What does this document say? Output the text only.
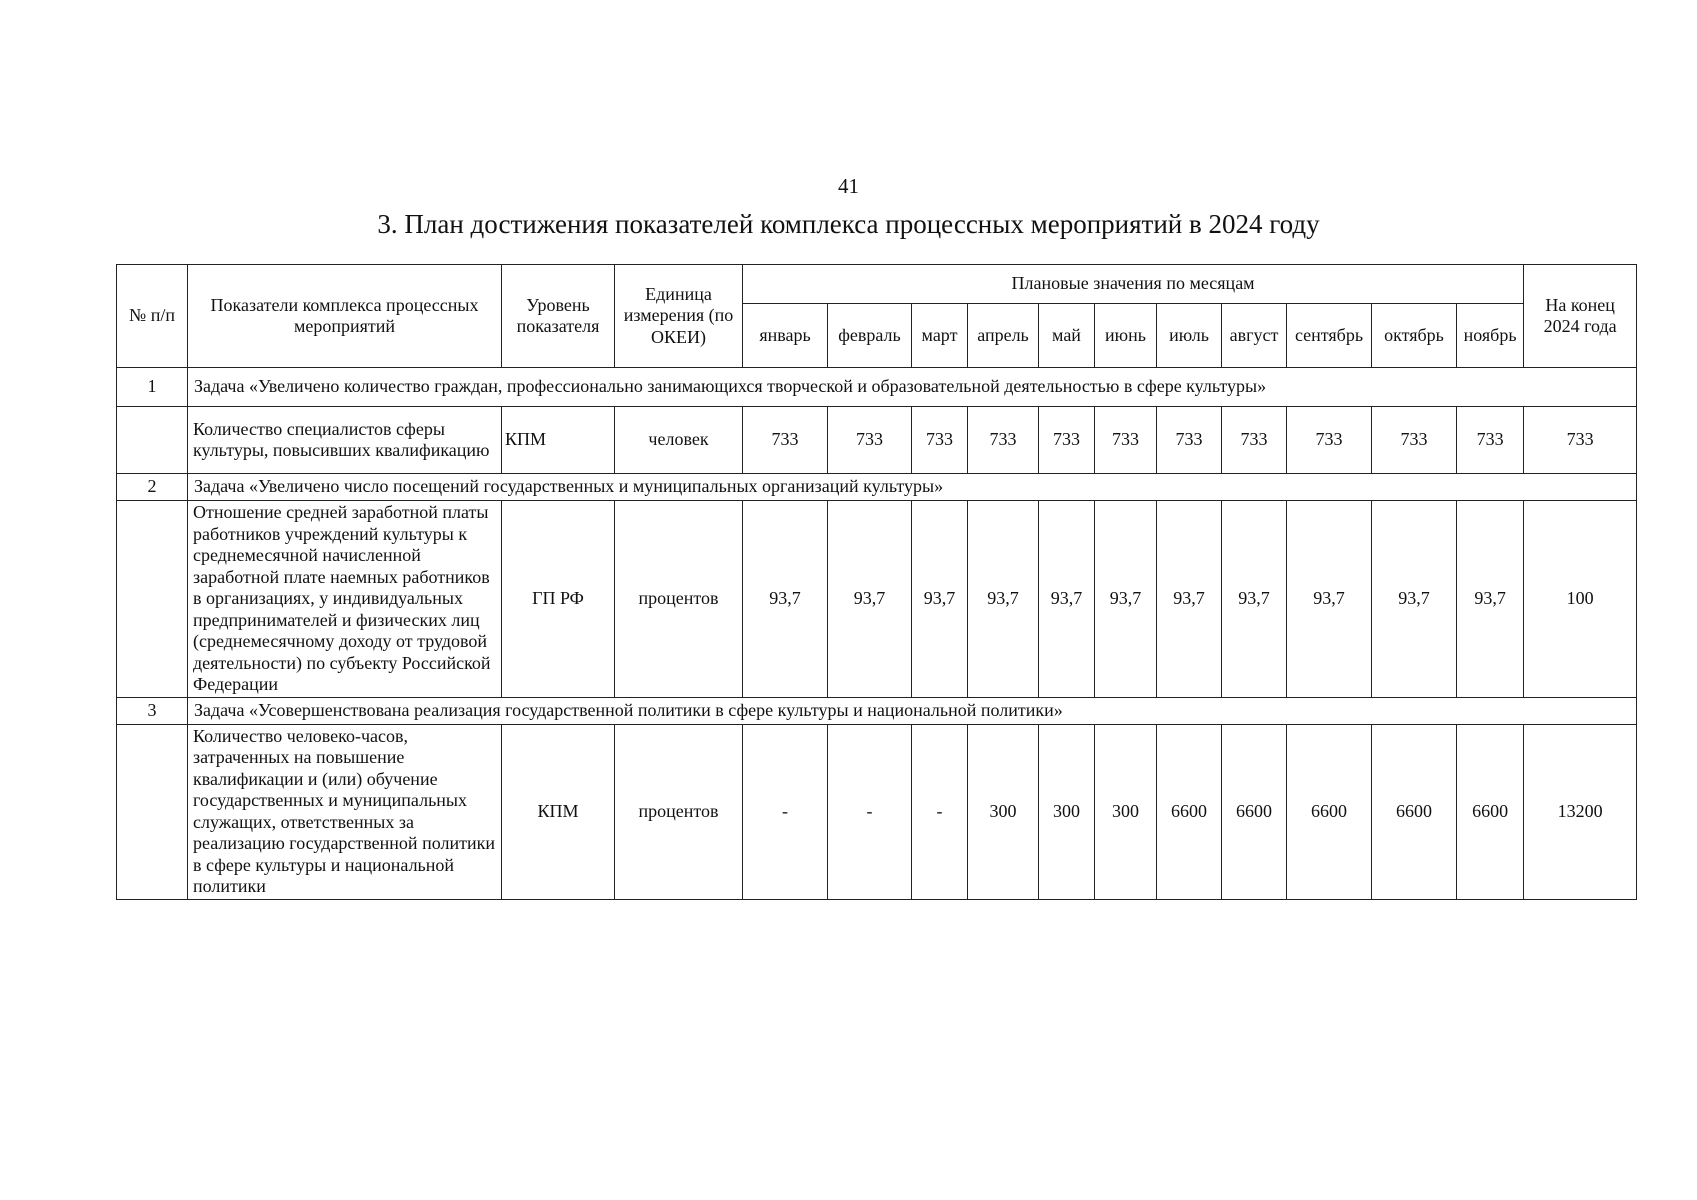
41
3. План достижения показателей комплекса процессных мероприятий в 2024 году
№ п/п	Показатели комплекса процессных мероприятий	Уровень показателя	Единица измерения (по ОКЕИ)	Плановые значения по месяцам											На конец 2024 года
				январь	февраль	март	апрель	май	июнь	июль	август	сентябрь	октябрь	ноябрь	
1	Задача «Увеличено количество граждан, профессионально занимающихся творческой и образовательной деятельностью в сфере культуры»														
	Количество специалистов сферы культуры, повысивших квалификацию	КПМ	человек	733	733	733	733	733	733	733	733	733	733	733	733
2	Задача «Увеличено число посещений государственных и муниципальных организаций культуры»														
	Отношение средней заработной платы работников учреждений культуры к среднемесячной начисленной заработной плате наемных работников в организациях, у индивидуальных предпринимателей и физических лиц (среднемесячному доходу от трудовой деятельности) по субъекту Российской Федерации	ГП РФ	процентов	93,7	93,7	93,7	93,7	93,7	93,7	93,7	93,7	93,7	93,7	93,7	100
3	Задача «Усовершенствована реализация государственной политики в сфере культуры и национальной политики»														
	Количество человеко-часов, затраченных на повышение квалификации и (или) обучение государственных и муниципальных служащих, ответственных за реализацию государственной политики в сфере культуры и национальной политики	КПМ	процентов	-	-	-	300	300	300	6600	6600	6600	6600	6600	13200
